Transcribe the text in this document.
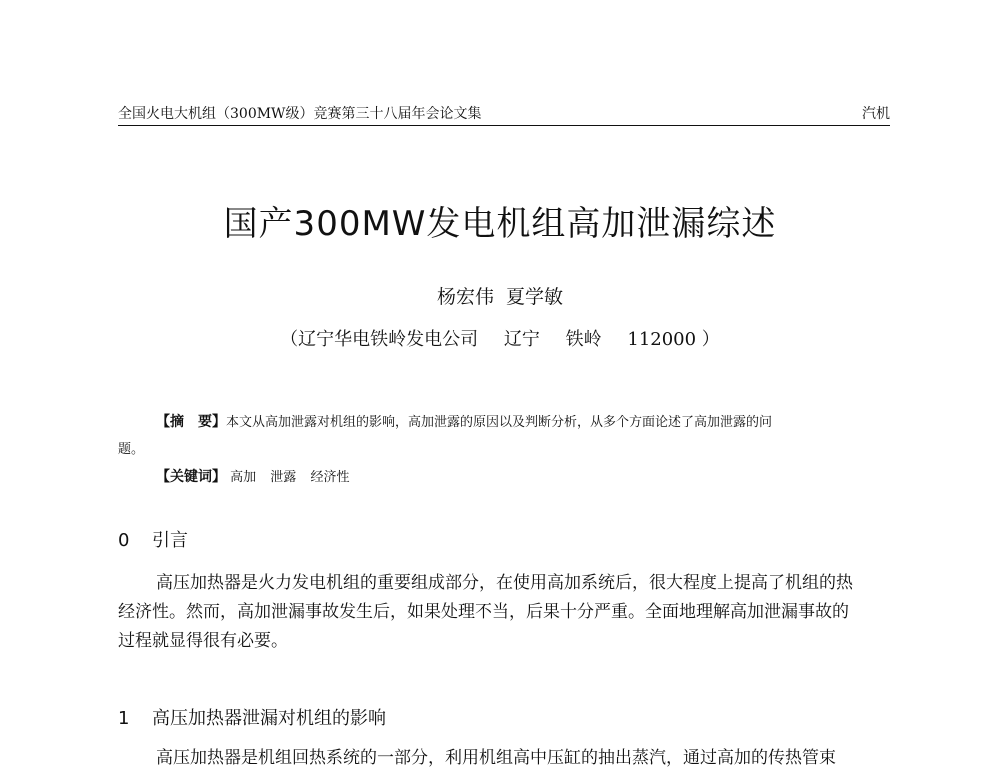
全国火电大机组（300MW级）竞赛第三十八届年会论文集	汽机
国产300MW发电机组高加泄漏综述
杨宏伟 夏学敏
（辽宁华电铁岭发电公司 辽宁 铁岭 112000 ）
【摘　要】本文从高加泄露对机组的影响，高加泄露的原因以及判断分析，从多个方面论述了高加泄露的问
题。
【关键词】 高加 泄露 经济性
0 引言
高压加热器是火力发电机组的重要组成部分，在使用高加系统后，很大程度上提高了机组的热
经济性。然而，高加泄漏事故发生后，如果处理不当，后果十分严重。全面地理解高加泄漏事故的
过程就显得很有必要。
1 高压加热器泄漏对机组的影响
高压加热器是机组回热系统的一部分，利用机组高中压缸的抽出蒸汽，通过高加的传热管束
